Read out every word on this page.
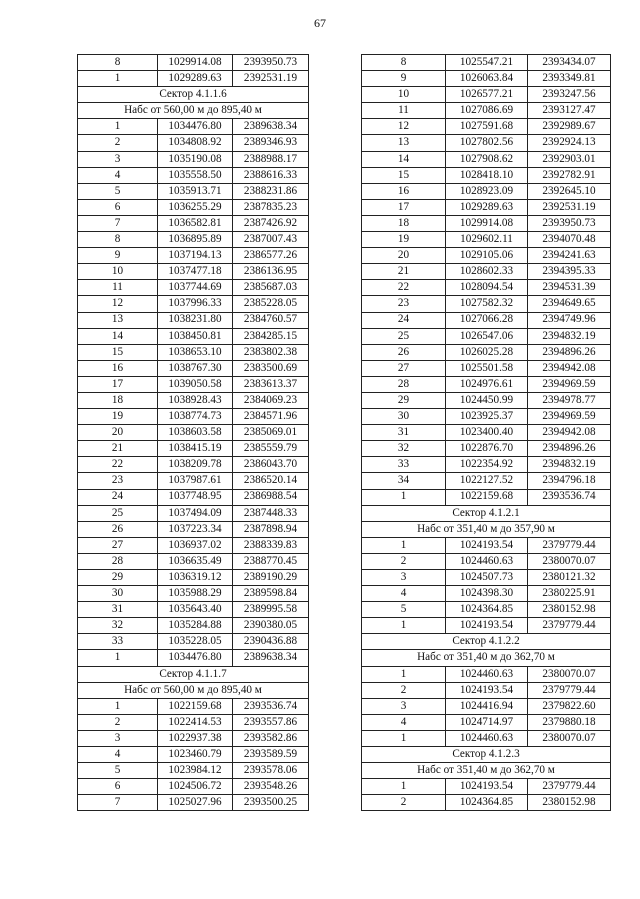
67
8	1029914.08	2393950.73
1	1029289.63	2392531.19
Сектор 4.1.1.6		
Набс от 560,00 м до 895,40 м		
1	1034476.80	2389638.34
2	1034808.92	2389346.93
3	1035190.08	2388988.17
4	1035558.50	2388616.33
5	1035913.71	2388231.86
6	1036255.29	2387835.23
7	1036582.81	2387426.92
8	1036895.89	2387007.43
9	1037194.13	2386577.26
10	1037477.18	2386136.95
11	1037744.69	2385687.03
12	1037996.33	2385228.05
13	1038231.80	2384760.57
14	1038450.81	2384285.15
15	1038653.10	2383802.38
16	1038767.30	2383500.69
17	1039050.58	2383613.37
18	1038928.43	2384069.23
19	1038774.73	2384571.96
20	1038603.58	2385069.01
21	1038415.19	2385559.79
22	1038209.78	2386043.70
23	1037987.61	2386520.14
24	1037748.95	2386988.54
25	1037494.09	2387448.33
26	1037223.34	2387898.94
27	1036937.02	2388339.83
28	1036635.49	2388770.45
29	1036319.12	2389190.29
30	1035988.29	2389598.84
31	1035643.40	2389995.58
32	1035284.88	2390380.05
33	1035228.05	2390436.88
1	1034476.80	2389638.34
Сектор 4.1.1.7		
Набс от 560,00 м до 895,40 м		
1	1022159.68	2393536.74
2	1022414.53	2393557.86
3	1022937.38	2393582.86
4	1023460.79	2393589.59
5	1023984.12	2393578.06
6	1024506.72	2393548.26
7	1025027.96	2393500.25
8	1025547.21	2393434.07
9	1026063.84	2393349.81
10	1026577.21	2393247.56
11	1027086.69	2393127.47
12	1027591.68	2392989.67
13	1027802.56	2392924.13
14	1027908.62	2392903.01
15	1028418.10	2392782.91
16	1028923.09	2392645.10
17	1029289.63	2392531.19
18	1029914.08	2393950.73
19	1029602.11	2394070.48
20	1029105.06	2394241.63
21	1028602.33	2394395.33
22	1028094.54	2394531.39
23	1027582.32	2394649.65
24	1027066.28	2394749.96
25	1026547.06	2394832.19
26	1026025.28	2394896.26
27	1025501.58	2394942.08
28	1024976.61	2394969.59
29	1024450.99	2394978.77
30	1023925.37	2394969.59
31	1023400.40	2394942.08
32	1022876.70	2394896.26
33	1022354.92	2394832.19
34	1022127.52	2394796.18
1	1022159.68	2393536.74
Сектор 4.1.2.1		
Набс от 351,40 м до 357,90 м		
1	1024193.54	2379779.44
2	1024460.63	2380070.07
3	1024507.73	2380121.32
4	1024398.30	2380225.91
5	1024364.85	2380152.98
1	1024193.54	2379779.44
Сектор 4.1.2.2		
Набс от 351,40 м до 362,70 м		
1	1024460.63	2380070.07
2	1024193.54	2379779.44
3	1024416.94	2379822.60
4	1024714.97	2379880.18
1	1024460.63	2380070.07
Сектор 4.1.2.3		
Набс от 351,40 м до 362,70 м		
1	1024193.54	2379779.44
2	1024364.85	2380152.98
